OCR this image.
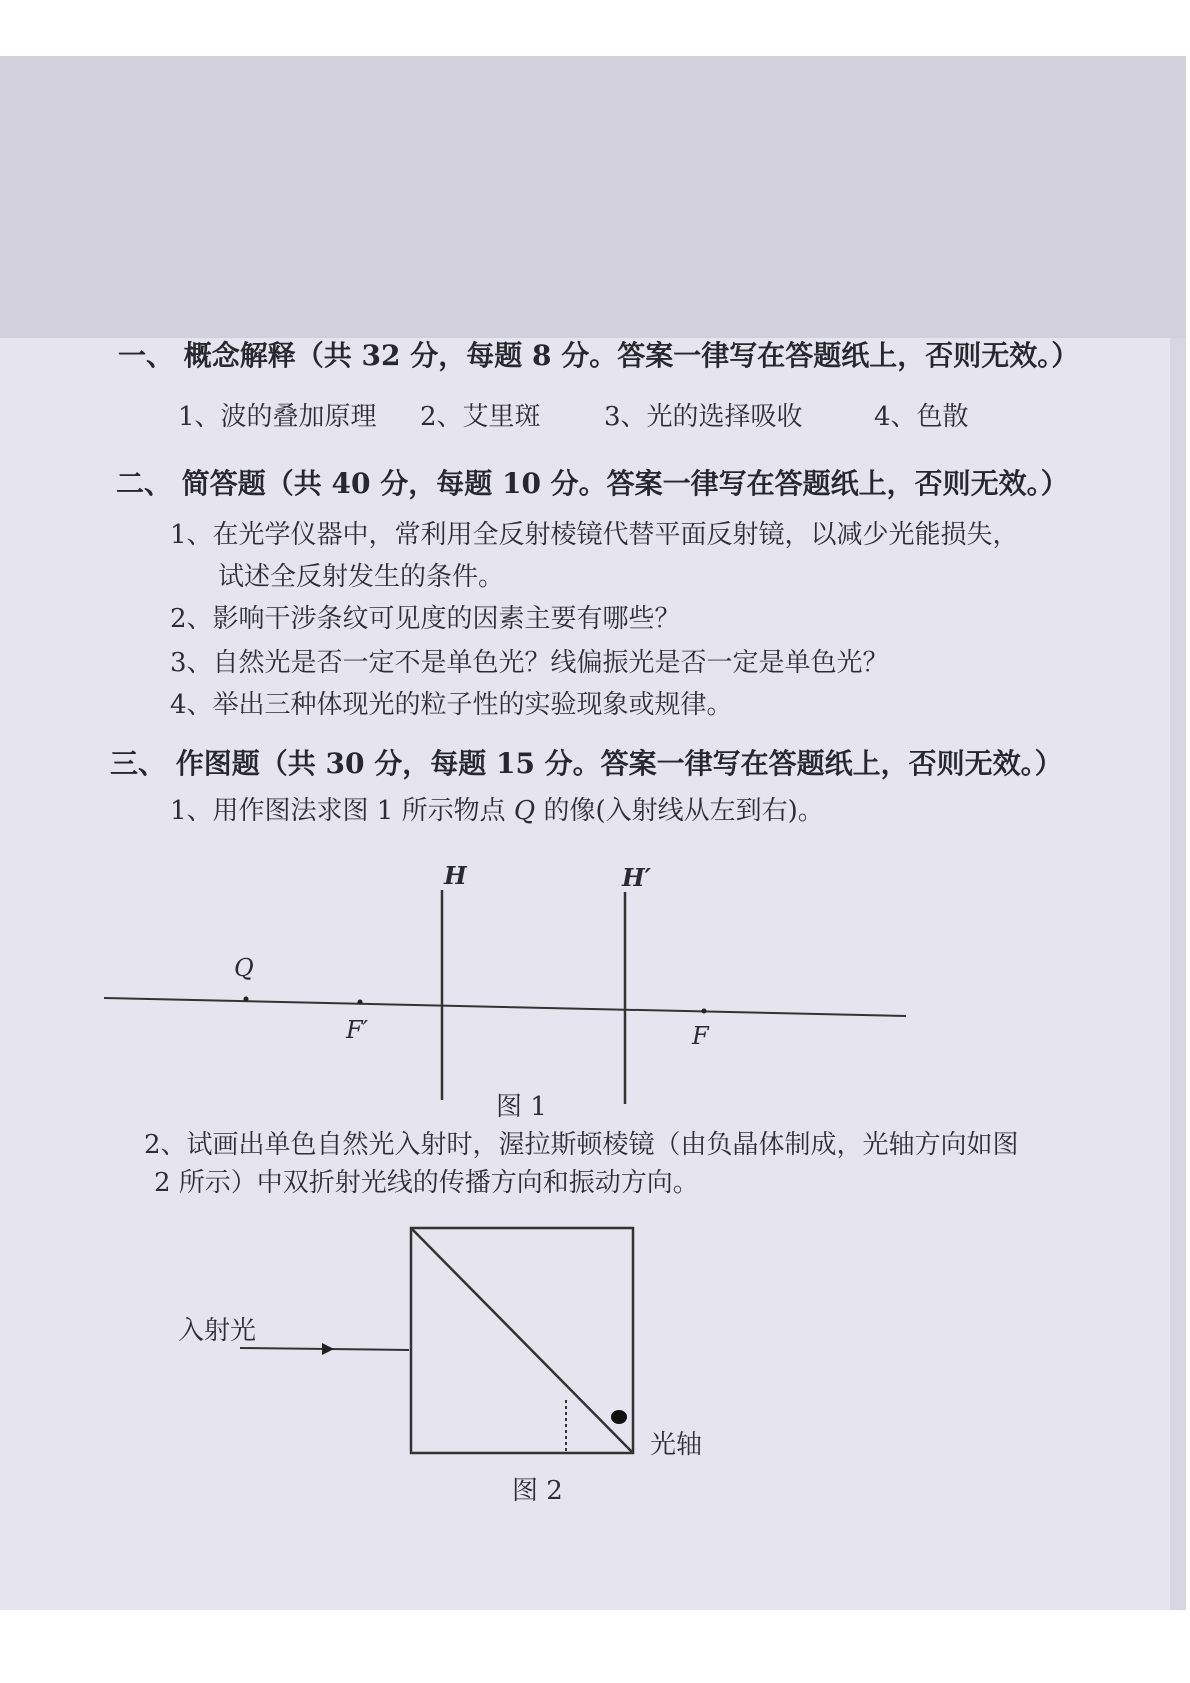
一、 概念解释（共 32 分，每题 8 分。答案一律写在答题纸上，否则无效。）
1、波的叠加原理 2、艾里斑 3、光的选择吸收	4、色散
二、 简答题（共 40 分，每题 10 分。答案一律写在答题纸上，否则无效。）
1、在光学仪器中，常利用全反射棱镜代替平面反射镜，以减少光能损失，
试述全反射发生的条件。
2、影响干涉条纹可见度的因素主要有哪些？
3、自然光是否一定不是单色光？线偏振光是否一定是单色光？
4、举出三种体现光的粒子性的实验现象或规律。
三、 作图题（共 30 分，每题 15 分。答案一律写在答题纸上，否则无效。）
1、用作图法求图 1 所示物点 Q 的像(入射线从左到右)。
H	H′
Q
F′	F
图 1
2、试画出单色自然光入射时，渥拉斯顿棱镜（由负晶体制成，光轴方向如图
2 所示）中双折射光线的传播方向和振动方向。
入射光
光轴
图 2
